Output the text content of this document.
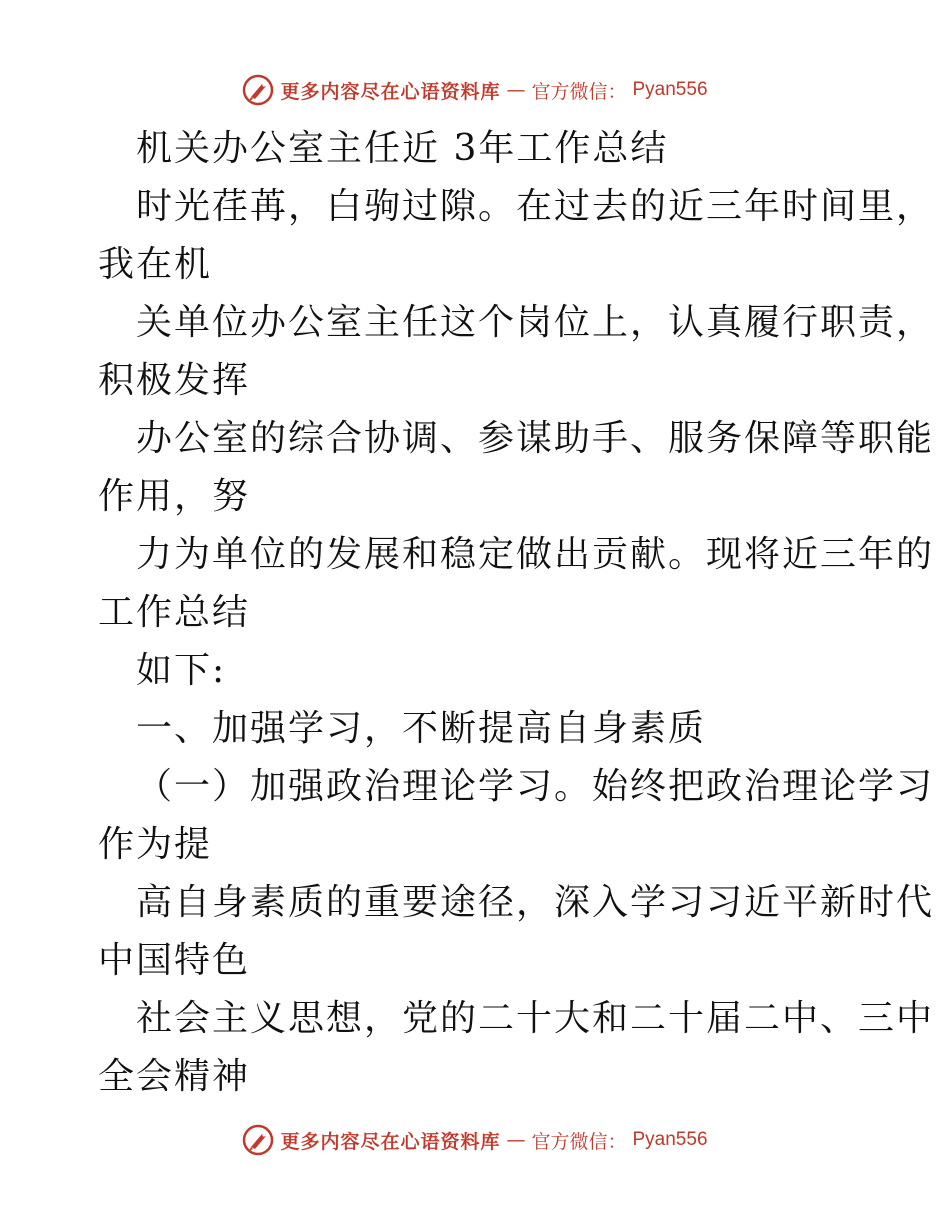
更多内容尽在心语资料库 — 官方微信： Pyan556
机关办公室主任近 3年工作总结
时光荏苒，白驹过隙。在过去的近三年时间里，
我在机
关单位办公室主任这个岗位上，认真履行职责，
积极发挥
办公室的综合协调、参谋助手、服务保障等职能
作用，努
力为单位的发展和稳定做出贡献。现将近三年的
工作总结
如下:
一、加强学习，不断提高自身素质
（一）加强政治理论学习。始终把政治理论学习
作为提
高自身素质的重要途径，深入学习习近平新时代
中国特色
社会主义思想，党的二十大和二十届二中、三中
全会精神
更多内容尽在心语资料库 — 官方微信： Pyan556
